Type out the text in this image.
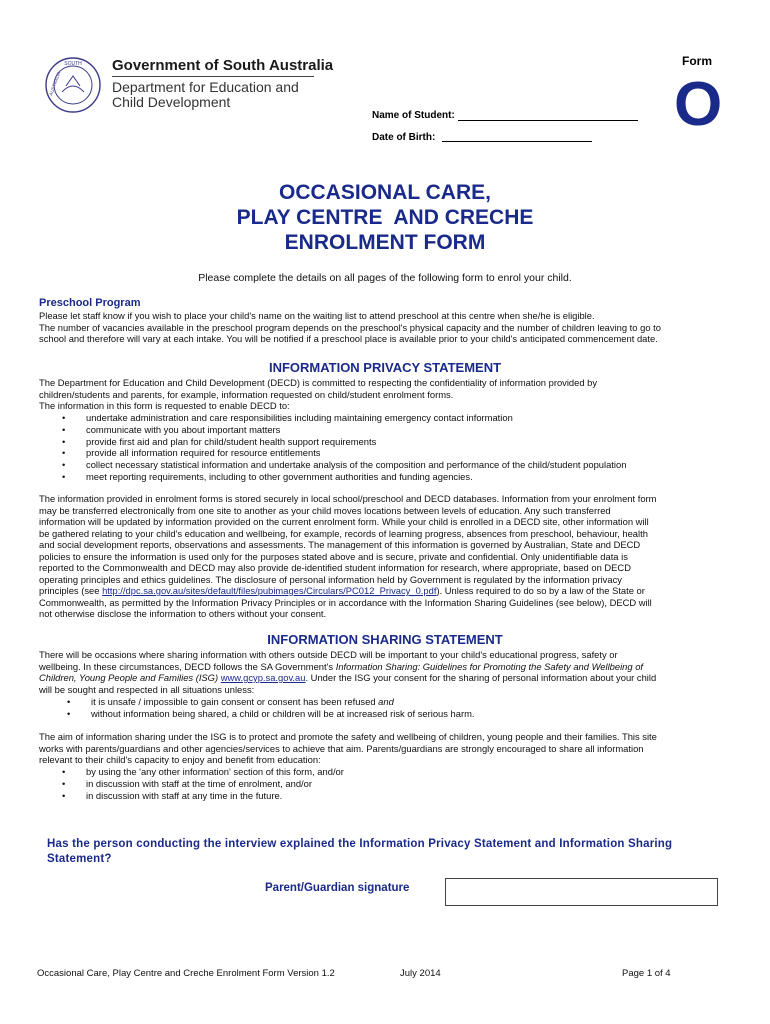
SOUTH
AUSTRALIA
Government of South Australia
Department for Education and
Child Development
Form
O
Name of Student:
Date of Birth:
OCCASIONAL CARE,
PLAY CENTRE  AND CRECHE
ENROLMENT FORM
Please complete the details on all pages of the following form to enrol your child.
Preschool Program
Please let staff know if you wish to place your child's name on the waiting list to attend preschool at this centre when she/he is eligible.
The number of vacancies available in the preschool program depends on the preschool's physical capacity and the number of children leaving to go to
school and therefore will vary at each intake. You will be notified if a preschool place is available prior to your child's anticipated commencement date.
INFORMATION PRIVACY STATEMENT
The Department for Education and Child Development (DECD) is committed to respecting the confidentiality of information provided by
children/students and parents, for example, information requested on child/student enrolment forms.
The information in this form is requested to enable DECD to:
• undertake administration and care responsibilities including maintaining emergency contact information
• communicate with you about important matters
• provide first aid and plan for child/student health support requirements
• provide all information required for resource entitlements
• collect necessary statistical information and undertake analysis of the composition and performance of the child/student population
• meet reporting requirements, including to other government authorities and funding agencies.
The information provided in enrolment forms is stored securely in local school/preschool and DECD databases. Information from your enrolment form
may be transferred electronically from one site to another as your child moves locations between levels of education. Any such transferred
information will be updated by information provided on the current enrolment form. While your child is enrolled in a DECD site, other information will
be gathered relating to your child's education and wellbeing, for example, records of learning progress, absences from preschool, behaviour, health
and social development reports, observations and assessments. The management of this information is governed by Australian, State and DECD
policies to ensure the information is used only for the purposes stated above and is secure, private and confidential. Only unidentifiable data is
reported to the Commonwealth and DECD may also provide de-identified student information for research, where appropriate, based on DECD
operating principles and ethics guidelines. The disclosure of personal information held by Government is regulated by the information privacy
principles (see http://dpc.sa.gov.au/sites/default/files/pubimages/Circulars/PC012_Privacy_0.pdf). Unless required to do so by a law of the State or
Commonwealth, as permitted by the Information Privacy Principles or in accordance with the Information Sharing Guidelines (see below), DECD will
not otherwise disclose the information to others without your consent.
INFORMATION SHARING STATEMENT
There will be occasions where sharing information with others outside DECD will be important to your child's educational progress, safety or
wellbeing. In these circumstances, DECD follows the SA Government's Information Sharing: Guidelines for Promoting the Safety and Wellbeing of
Children, Young People and Families (ISG) www.gcyp.sa.gov.au. Under the ISG your consent for the sharing of personal information about your child
will be sought and respected in all situations unless:
• it is unsafe / impossible to gain consent or consent has been refused and
• without information being shared, a child or children will be at increased risk of serious harm.
The aim of information sharing under the ISG is to protect and promote the safety and wellbeing of children, young people and their families. This site
works with parents/guardians and other agencies/services to achieve that aim. Parents/guardians are strongly encouraged to share all information
relevant to their child's capacity to enjoy and benefit from education:
• by using the 'any other information' section of this form, and/or
• in discussion with staff at the time of enrolment, and/or
• in discussion with staff at any time in the future.
Has the person conducting the interview explained the Information Privacy Statement and Information Sharing Statement?
Parent/Guardian signature
Occasional Care, Play Centre and Creche Enrolment Form Version 1.2	July 2014	Page 1 of 4
